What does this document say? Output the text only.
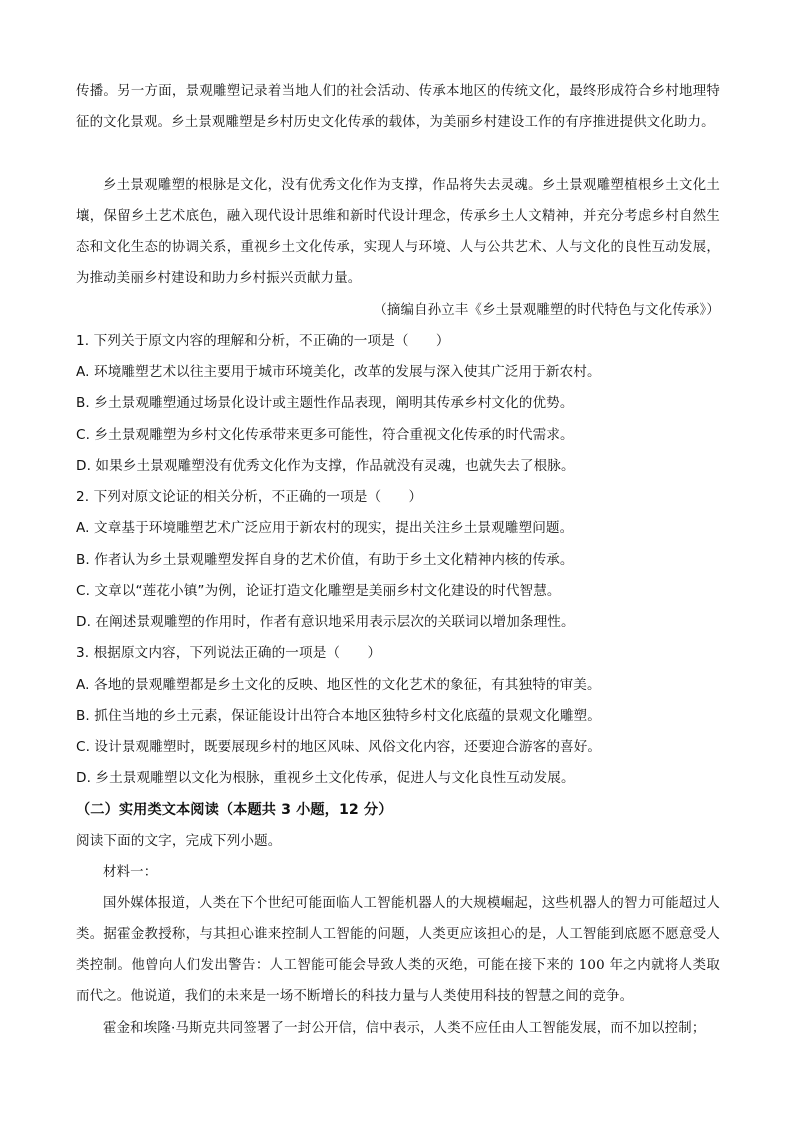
传播。另一方面，景观雕塑记录着当地人们的社会活动、传承本地区的传统文化，最终形成符合乡村地理特征的文化景观。乡土景观雕塑是乡村历史文化传承的载体，为美丽乡村建设工作的有序推进提供文化助力。

乡土景观雕塑的根脉是文化，没有优秀文化作为支撑，作品将失去灵魂。乡土景观雕塑植根乡土文化土壤，保留乡土艺术底色，融入现代设计思维和新时代设计理念，传承乡土人文精神，并充分考虑乡村自然生态和文化生态的协调关系，重视乡土文化传承，实现人与环境、人与公共艺术、人与文化的良性互动发展，为推动美丽乡村建设和助力乡村振兴贡献力量。

（摘编自孙立丰《乡土景观雕塑的时代特色与文化传承》）

1. 下列关于原文内容的理解和分析，不正确的一项是（　　）

A. 环境雕塑艺术以往主要用于城市环境美化，改革的发展与深入使其广泛用于新农村。

B. 乡土景观雕塑通过场景化设计或主题性作品表现，阐明其传承乡村文化的优势。

C. 乡土景观雕塑为乡村文化传承带来更多可能性，符合重视文化传承的时代需求。

D. 如果乡土景观雕塑没有优秀文化作为支撑，作品就没有灵魂，也就失去了根脉。

2. 下列对原文论证的相关分析，不正确的一项是（　　）

A. 文章基于环境雕塑艺术广泛应用于新农村的现实，提出关注乡土景观雕塑问题。

B. 作者认为乡土景观雕塑发挥自身的艺术价值，有助于乡土文化精神内核的传承。

C. 文章以“莲花小镇”为例，论证打造文化雕塑是美丽乡村文化建设的时代智慧。

D. 在阐述景观雕塑的作用时，作者有意识地采用表示层次的关联词以增加条理性。

3. 根据原文内容，下列说法正确的一项是（　　）

A. 各地的景观雕塑都是乡土文化的反映、地区性的文化艺术的象征，有其独特的审美。

B. 抓住当地的乡土元素，保证能设计出符合本地区独特乡村文化底蕴的景观文化雕塑。

C. 设计景观雕塑时，既要展现乡村的地区风味、风俗文化内容，还要迎合游客的喜好。

D. 乡土景观雕塑以文化为根脉，重视乡土文化传承，促进人与文化良性互动发展。

（二）实用类文本阅读（本题共 3 小题，12 分）

阅读下面的文字，完成下列小题。

材料一：

国外媒体报道，人类在下个世纪可能面临人工智能机器人的大规模崛起，这些机器人的智力可能超过人类。据霍金教授称，与其担心谁来控制人工智能的问题，人类更应该担心的是，人工智能到底愿不愿意受人类控制。他曾向人们发出警告：人工智能可能会导致人类的灭绝，可能在接下来的 100 年之内就将人类取而代之。他说道，我们的未来是一场不断增长的科技力量与人类使用科技的智慧之间的竞争。

霍金和埃隆·马斯克共同签署了一封公开信，信中表示，人类不应任由人工智能发展，而不加以控制；
